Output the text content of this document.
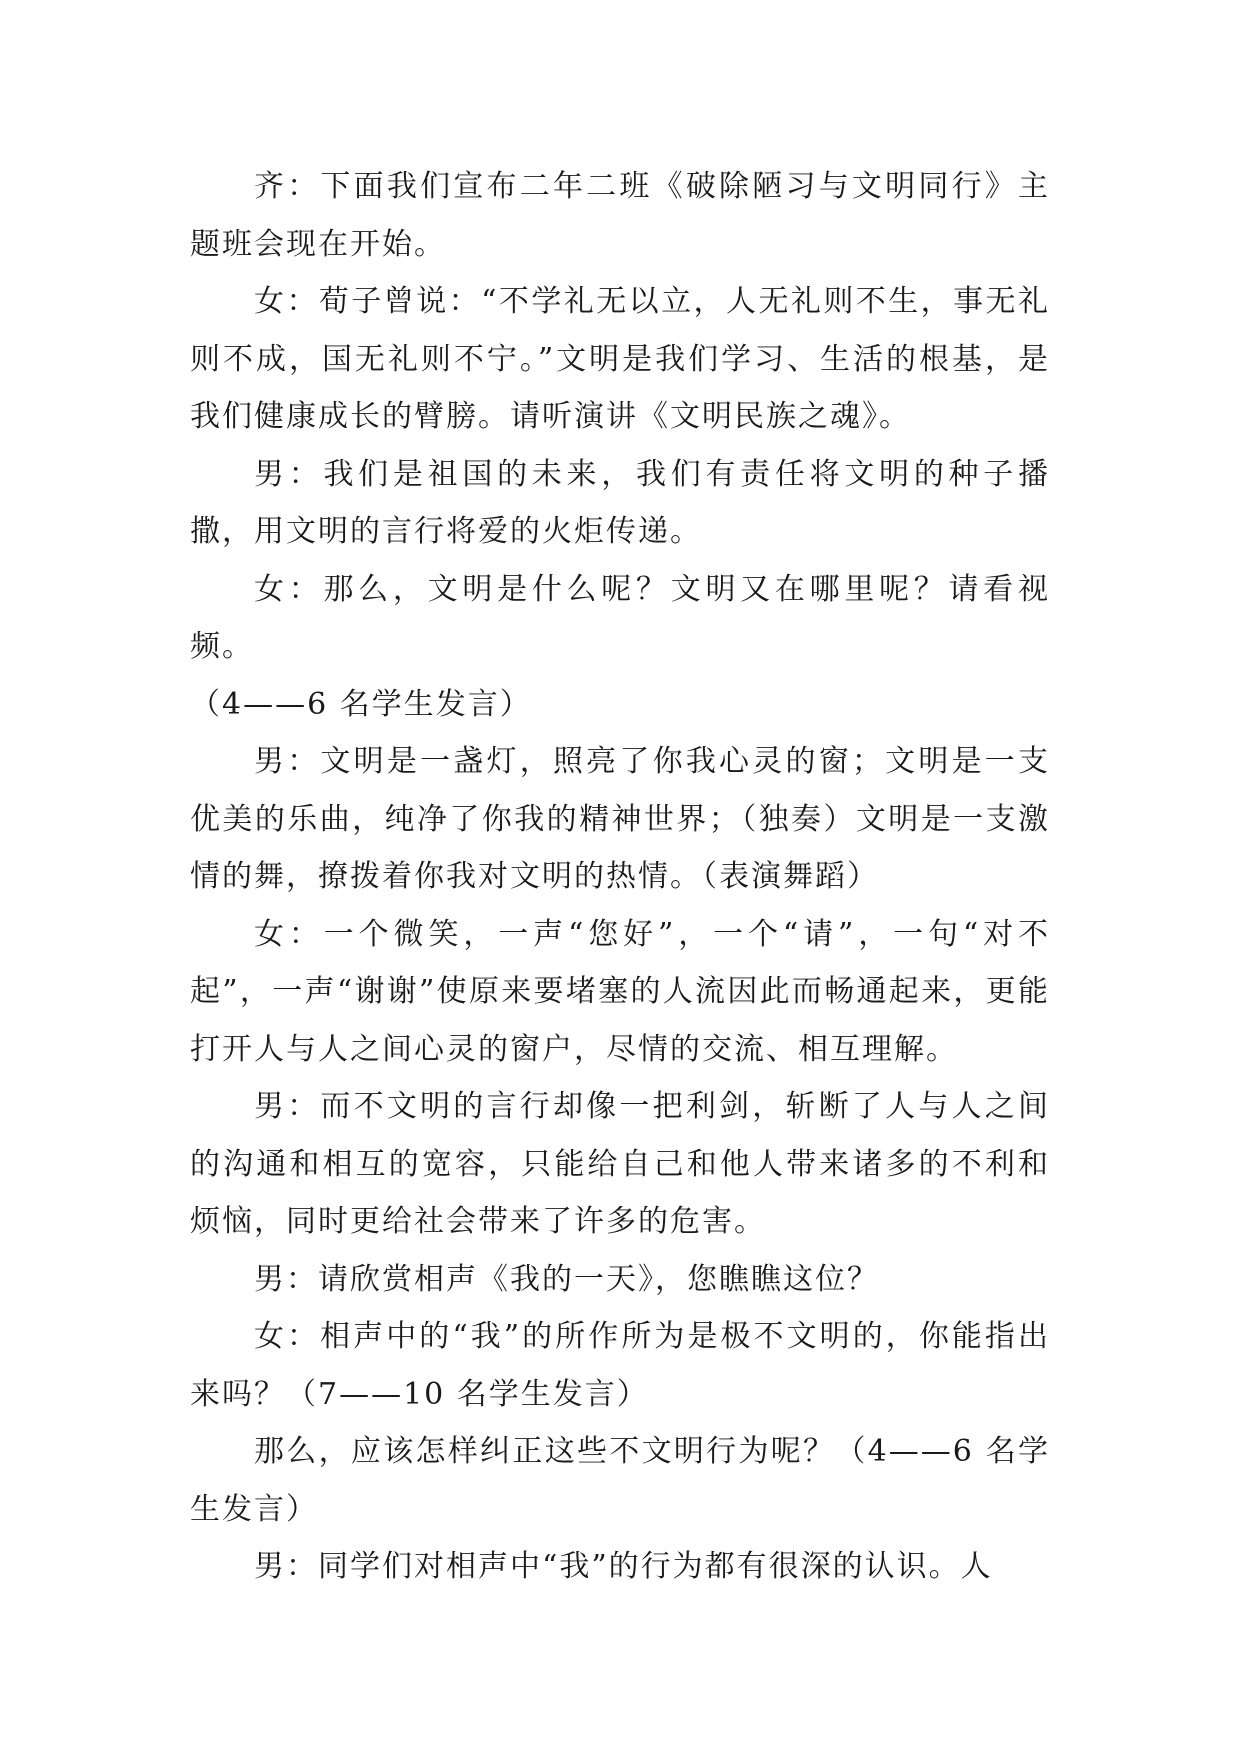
齐：下面我们宣布二年二班《破除陋习与文明同行》主题班会现在开始。

女：荀子曾说：“不学礼无以立，人无礼则不生，事无礼则不成，国无礼则不宁。”文明是我们学习、生活的根基，是我们健康成长的臂膀。请听演讲《文明民族之魂》。

男：我们是祖国的未来，我们有责任将文明的种子播撒，用文明的言行将爱的火炬传递。

女：那么，文明是什么呢？文明又在哪里呢？请看视频。

（4——6 名学生发言）

男：文明是一盏灯，照亮了你我心灵的窗；文明是一支优美的乐曲，纯净了你我的精神世界；（独奏）文明是一支激情的舞，撩拨着你我对文明的热情。（表演舞蹈）

女：一个微笑，一声“您好”，一个“请”，一句“对不起”，一声“谢谢”使原来要堵塞的人流因此而畅通起来，更能打开人与人之间心灵的窗户，尽情的交流、相互理解。

男：而不文明的言行却像一把利剑，斩断了人与人之间的沟通和相互的宽容，只能给自己和他人带来诸多的不利和烦恼，同时更给社会带来了许多的危害。

男：请欣赏相声《我的一天》，您瞧瞧这位？

女：相声中的“我”的所作所为是极不文明的，你能指出来吗？（7——10 名学生发言）

那么，应该怎样纠正这些不文明行为呢？（4——6 名学生发言）

男：同学们对相声中“我”的行为都有很深的认识。人
